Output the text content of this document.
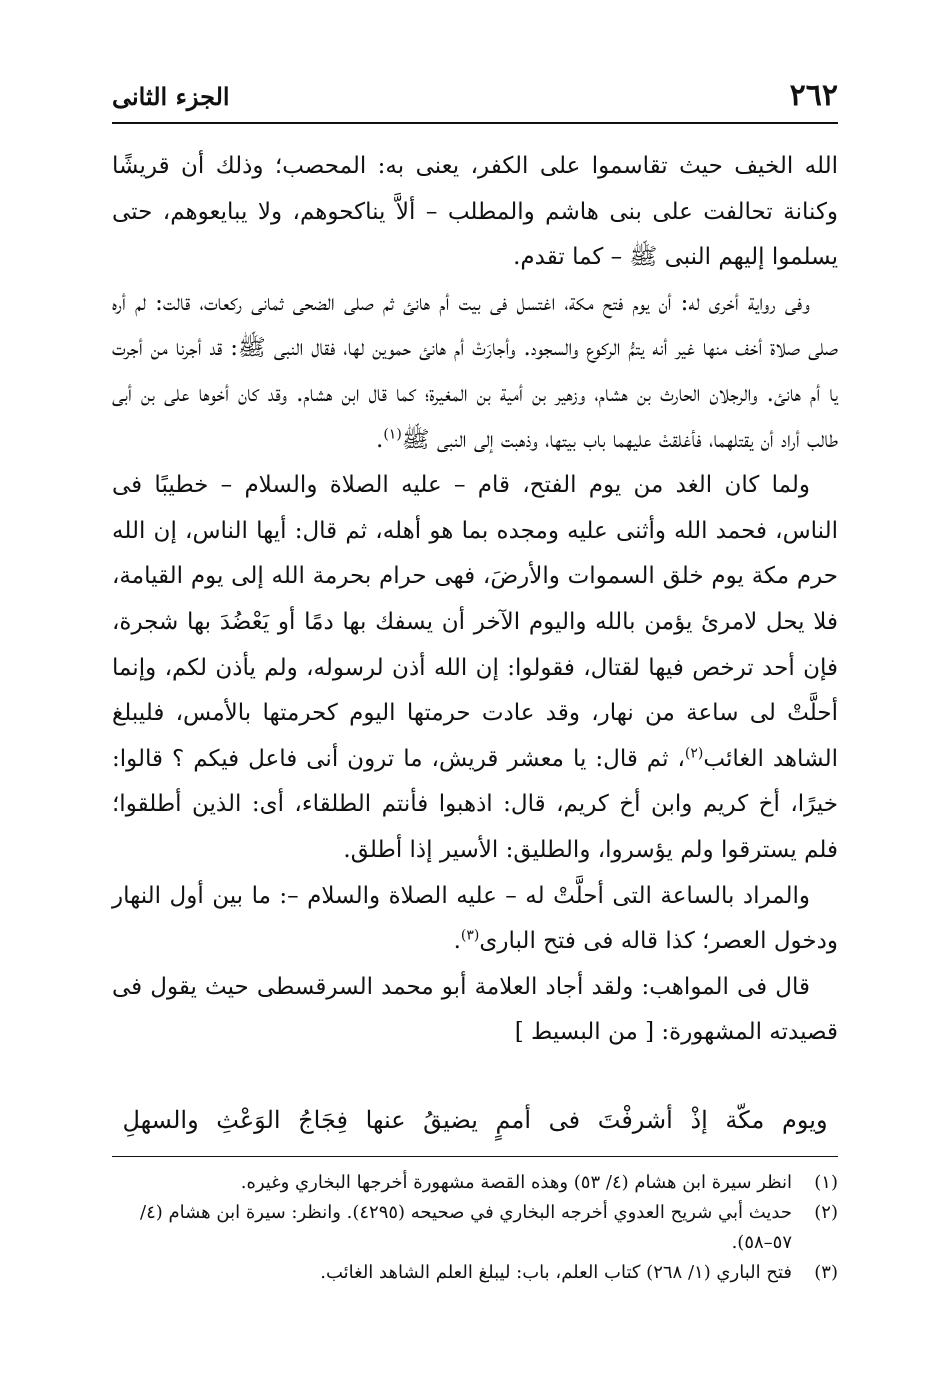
٢٦٢
الجزء الثانى

الله الخيف حيث تقاسموا على الكفر، يعنى به: المحصب؛ وذلك أن قريشًا وكنانة تحالفت على بنى هاشم والمطلب – ألاَّ يناكحوهم، ولا يبايعوهم، حتى يسلموا إليهم النبى ﷺ – كما تقدم.

وفى رواية أخرى له: أن يوم فتح مكة، اغتسل فى بيت أم هانئ ثم صلى الضحى ثمانى ركعات، قالت: لم أره صلى صلاة أخف منها غير أنه يتمُّ الركوع والسجود. وأجارَتْ أم هانئ حموين لها، فقال النبى ﷺ: قد أجرنا من أجرت يا أم هانئ. والرجلان الحارث بن هشام، وزهير بن أمية بن المغيرة؛ كما قال ابن هشام. وقد كان أخوها على بن أبى طالب أراد أن يقتلهما، فأغلقتْ عليهما باب بيتها، وذهبت إلى النبى ﷺ$^{(١)}$.

ولما كان الغد من يوم الفتح، قام – عليه الصلاة والسلام – خطيبًا فى الناس، فحمد الله وأثنى عليه ومجده بما هو أهله، ثم قال: أيها الناس، إن الله حرم مكة يوم خلق السموات والأرضَ، فهى حرام بحرمة الله إلى يوم القيامة، فلا يحل لامرئ يؤمن بالله واليوم الآخر أن يسفك بها دمًا أو يَعْضُدَ بها شجرة، فإن أحد ترخص فيها لقتال، فقولوا: إن الله أذن لرسوله، ولم يأذن لكم، وإنما أحلَّتْ لى ساعة من نهار، وقد عادت حرمتها اليوم كحرمتها بالأمس، فليبلغ الشاهد الغائب$^{(٢)}$، ثم قال: يا معشر قريش، ما ترون أنى فاعل فيكم ؟ قالوا: خيرًا، أخ كريم وابن أخ كريم، قال: اذهبوا فأنتم الطلقاء، أى: الذين أطلقوا؛ فلم يسترقوا ولم يؤسروا، والطليق: الأسير إذا أطلق.

والمراد بالساعة التى أحلَّتْ له – عليه الصلاة والسلام –: ما بين أول النهار ودخول العصر؛ كذا قاله فى فتح البارى$^{(٣)}$.

قال فى المواهب: ولقد أجاد العلامة أبو محمد السرقسطى حيث يقول فى قصيدته المشهورة: [ من البسيط ]

ويوم مكّة إذْ أشرفْتَ فى أممٍ يضيقُ عنها فِجَاجُ الوَعْثِ والسهلِ
(١)
انظر سيرة ابن هشام (٤/ ٥٣) وهذه القصة مشهورة أخرجها البخاري وغيره.
(٢)
حديث أبي شريح العدوي أخرجه البخاري في صحيحه (٤٢٩٥). وانظر: سيرة ابن هشام (٤/ ٥٧–٥٨).
(٣)
فتح الباري (١/ ٢٦٨) كتاب العلم، باب: ليبلغ العلم الشاهد الغائب.
